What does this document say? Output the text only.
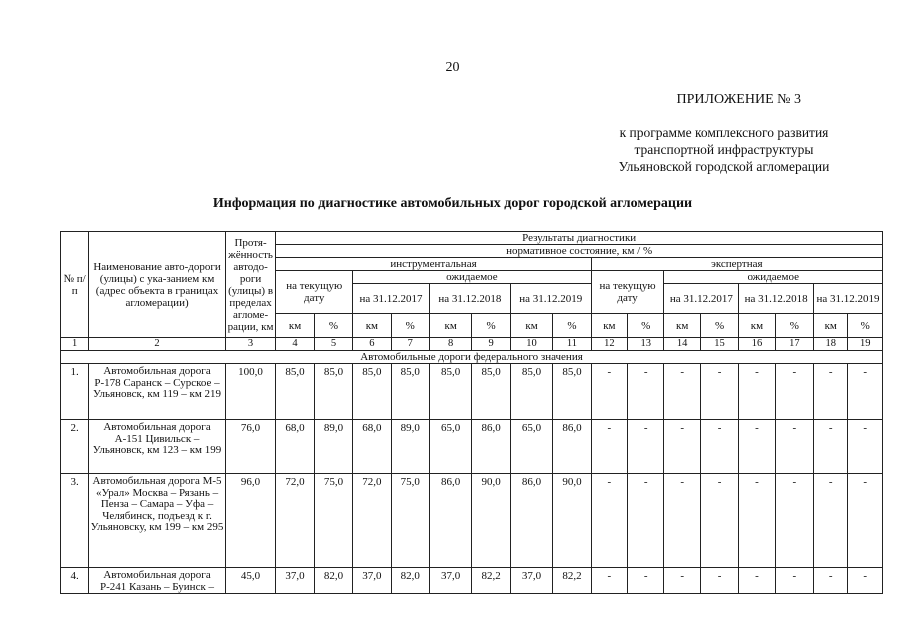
20
ПРИЛОЖЕНИЕ № 3
к программе комплексного развития
транспортной инфраструктуры
Ульяновской городской агломерации
Информация по диагностике автомобильных дорог городской агломерации
№ п/п	Наименование авто-дороги (улицы) с ука-занием км (адрес объекта в границах агломерации)	Протя-жённость автодо-роги (улицы) в пределах агломе-рации, км	Результаты диагностики															
			нормативное состояние, км / %															
			инструментальная								экспертная							
			на текущую дату		ожидаемое						на текущую дату		ожидаемое					
					на 31.12.2017		на 31.12.2018		на 31.12.2019				на 31.12.2017		на 31.12.2018		на 31.12.2019	
			км	%	км	%	км	%	км	%	км	%	км	%	км	%	км	%
1	2	3	4	5	6	7	8	9	10	11	12	13	14	15	16	17	18	19
Автомобильные дороги федерального значения																		
1.	Автомобильная дорога Р-178 Саранск – Сурское – Ульяновск, км 119 – км 219	100,0	85,0	85,0	85,0	85,0	85,0	85,0	85,0	85,0	-	-	-	-	-	-	-	-
2.	Автомобильная дорога А-151 Цивильск – Ульяновск, км 123 – км 199	76,0	68,0	89,0	68,0	89,0	65,0	86,0	65,0	86,0	-	-	-	-	-	-	-	-
3.	Автомобильная дорога М-5 «Урал» Москва – Рязань – Пенза – Самара – Уфа – Челябинск, подъезд к г. Ульяновску, км 199 – км 295	96,0	72,0	75,0	72,0	75,0	86,0	90,0	86,0	90,0	-	-	-	-	-	-	-	-
4.	Автомобильная дорога Р-241 Казань – Буинск –	45,0	37,0	82,0	37,0	82,0	37,0	82,2	37,0	82,2	-	-	-	-	-	-	-	-
